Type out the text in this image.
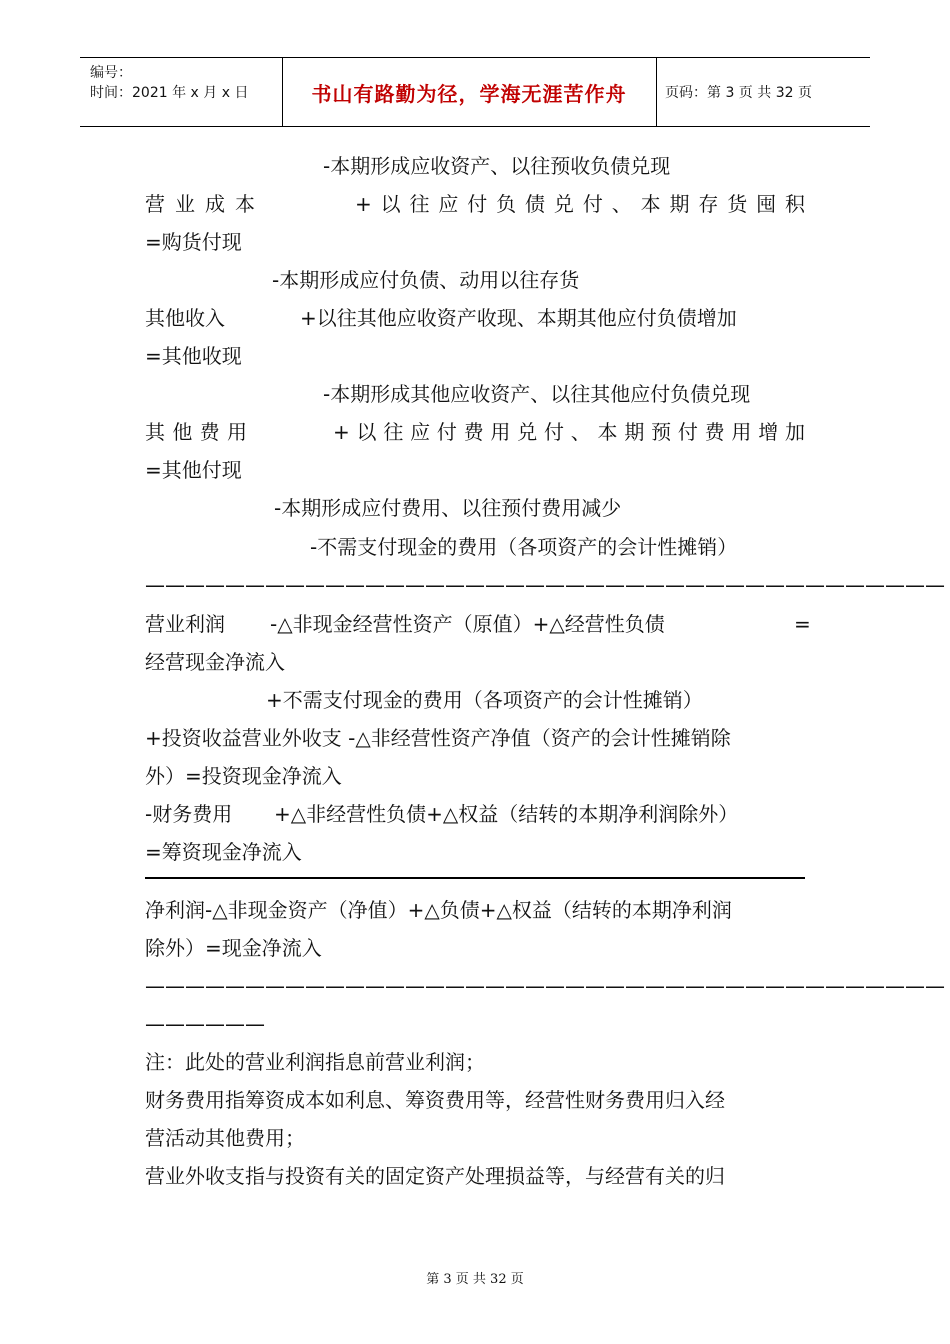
编号：
时间：2021 年 x 月 x 日	书山有路勤为径，学海无涯苦作舟	页码：第 3 页 共 32 页
-本期形成应收资产、以往预收负债兑现
营业成本	+以往应付负债兑付、本期存货囤积
=购货付现
-本期形成应付负债、动用以往存货
其他收入	+以往其他应收资产收现、本期其他应付负债增加
=其他收现
-本期形成其他应收资产、以往其他应付负债兑现
其他费用	+以往应付费用兑付、本期预付费用增加
=其他付现
-本期形成应付费用、以往预付费用减少
-不需支付现金的费用（各项资产的会计性摊销）
————————————————————————————————————————
营业利润 -△非现金经营性资产（原值）+△经营性负债	=
经营现金净流入
+不需支付现金的费用（各项资产的会计性摊销）
+投资收益营业外收支 -△非经营性资产净值（资产的会计性摊销除
外）=投资现金净流入
-财务费用 +△非经营性负债+△权益（结转的本期净利润除外）
=筹资现金净流入
净利润-△非现金资产（净值）+△负债+△权益（结转的本期净利润
除外）=现金净流入
————————————————————————————————————————
——————
注：此处的营业利润指息前营业利润；
财务费用指筹资成本如利息、筹资费用等，经营性财务费用归入经
营活动其他费用；
营业外收支指与投资有关的固定资产处理损益等，与经营有关的归
第 3 页 共 32 页
